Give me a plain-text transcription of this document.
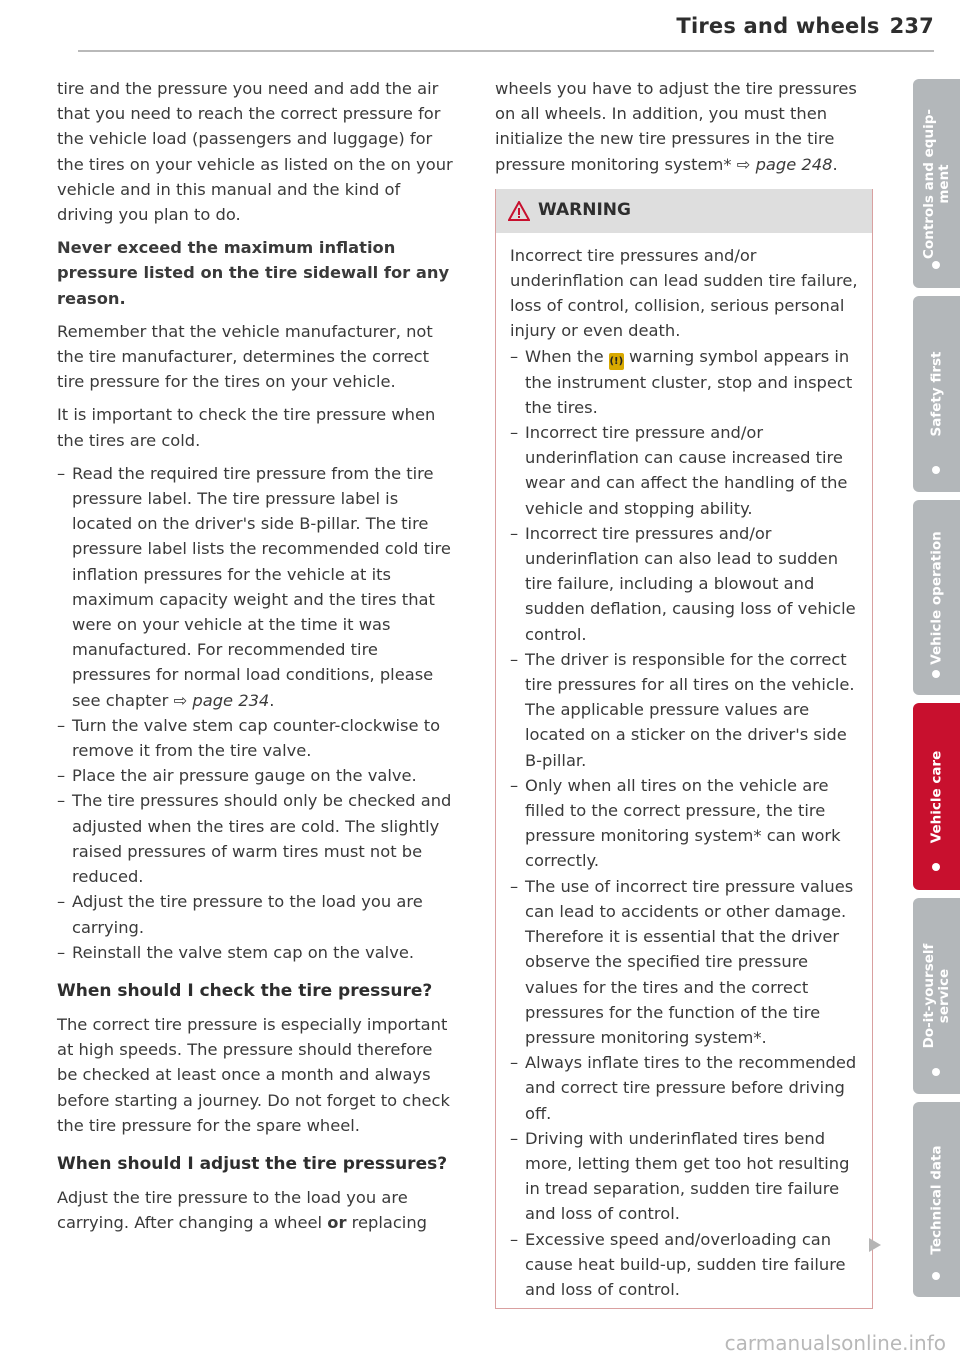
Tires and wheels 237

tire and the pressure you need and add the air that you need to reach the correct pressure for the vehicle load (passengers and luggage) for the tires on your vehicle as listed on the on your vehicle and in this manual and the kind of driving you plan to do.

Never exceed the maximum inflation pressure listed on the tire sidewall for any reason.

Remember that the vehicle manufacturer, not the tire manufacturer, determines the correct tire pressure for the tires on your vehicle.

It is important to check the tire pressure when the tires are cold.

– Read the required tire pressure from the tire pressure label. The tire pressure label is located on the driver's side B-pillar. The tire pressure label lists the recommended cold tire inflation pressures for the vehicle at its maximum capacity weight and the tires that were on your vehicle at the time it was manufactured. For recommended tire pressures for normal load conditions, please see chapter ⇨ page 234.
– Turn the valve stem cap counter-clockwise to remove it from the tire valve.
– Place the air pressure gauge on the valve.
– The tire pressures should only be checked and adjusted when the tires are cold. The slightly raised pressures of warm tires must not be reduced.
– Adjust the tire pressure to the load you are carrying.
– Reinstall the valve stem cap on the valve.
When should I check the tire pressure?

The correct tire pressure is especially important at high speeds. The pressure should therefore be checked at least once a month and always before starting a journey. Do not forget to check the tire pressure for the spare wheel.

When should I adjust the tire pressures?

Adjust the tire pressure to the load you are carrying. After changing a wheel or replacing

wheels you have to adjust the tire pressures on all wheels. In addition, you must then initialize the new tire pressures in the tire pressure monitoring system* ⇨ page 248.

WARNING

Incorrect tire pressures and/or underinflation can lead sudden tire failure, loss of control, collision, serious personal injury or even death.

– When the (!) warning symbol appears in the instrument cluster, stop and inspect the tires.
– Incorrect tire pressure and/or underinflation can cause increased tire wear and can affect the handling of the vehicle and stopping ability.
– Incorrect tire pressures and/or underinflation can also lead to sudden tire failure, including a blowout and sudden deflation, causing loss of vehicle control.
– The driver is responsible for the correct tire pressures for all tires on the vehicle. The applicable pressure values are located on a sticker on the driver's side B-pillar.
– Only when all tires on the vehicle are filled to the correct pressure, the tire pressure monitoring system* can work correctly.
– The use of incorrect tire pressure values can lead to accidents or other damage. Therefore it is essential that the driver observe the specified tire pressure values for the tires and the correct pressures for the function of the tire pressure monitoring system*.
– Always inflate tires to the recommended and correct tire pressure before driving off.
– Driving with underinflated tires bend more, letting them get too hot resulting in tread separation, sudden tire failure and loss of control.
– Excessive speed and/overloading can cause heat build-up, sudden tire failure and loss of control.
Controls and equip- ment
Safety first
Vehicle operation
Vehicle care
Do-it-yourself service
Technical data
carmanualsonline.info
